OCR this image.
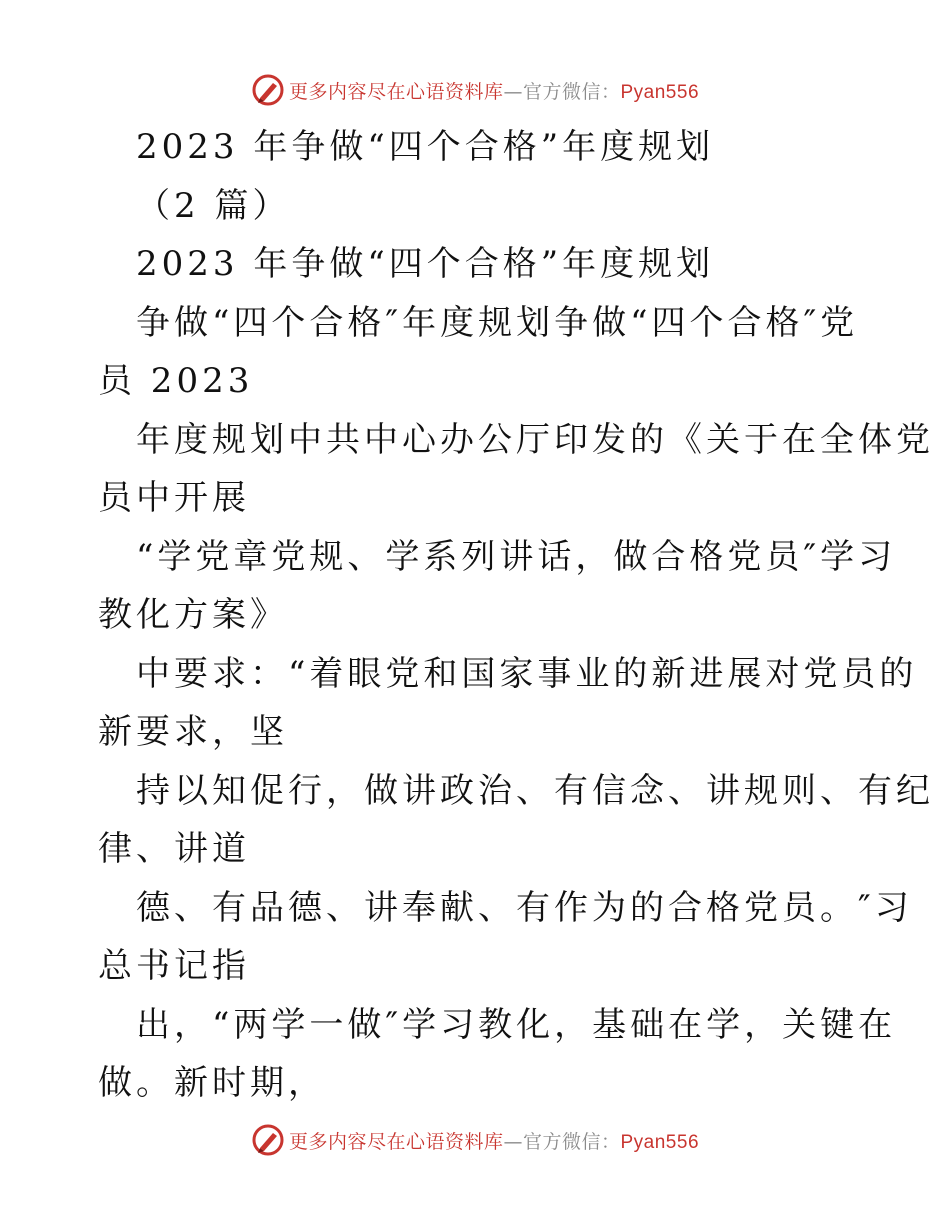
更多内容尽在心语资料库—官方微信：Pyan556
2023 年争做“四个合格”年度规划
（2 篇）
2023 年争做“四个合格”年度规划
争做“四个合格″年度规划争做“四个合格″党
员 2023
年度规划中共中心办公厅印发的《关于在全体党
员中开展
“学党章党规、学系列讲话，做合格党员″学习
教化方案》
中要求：“着眼党和国家事业的新进展对党员的
新要求，坚
持以知促行，做讲政治、有信念、讲规则、有纪
律、讲道
德、有品德、讲奉献、有作为的合格党员。″习
总书记指
出，“两学一做″学习教化，基础在学，关键在
做。新时期，
更多内容尽在心语资料库—官方微信：Pyan556
